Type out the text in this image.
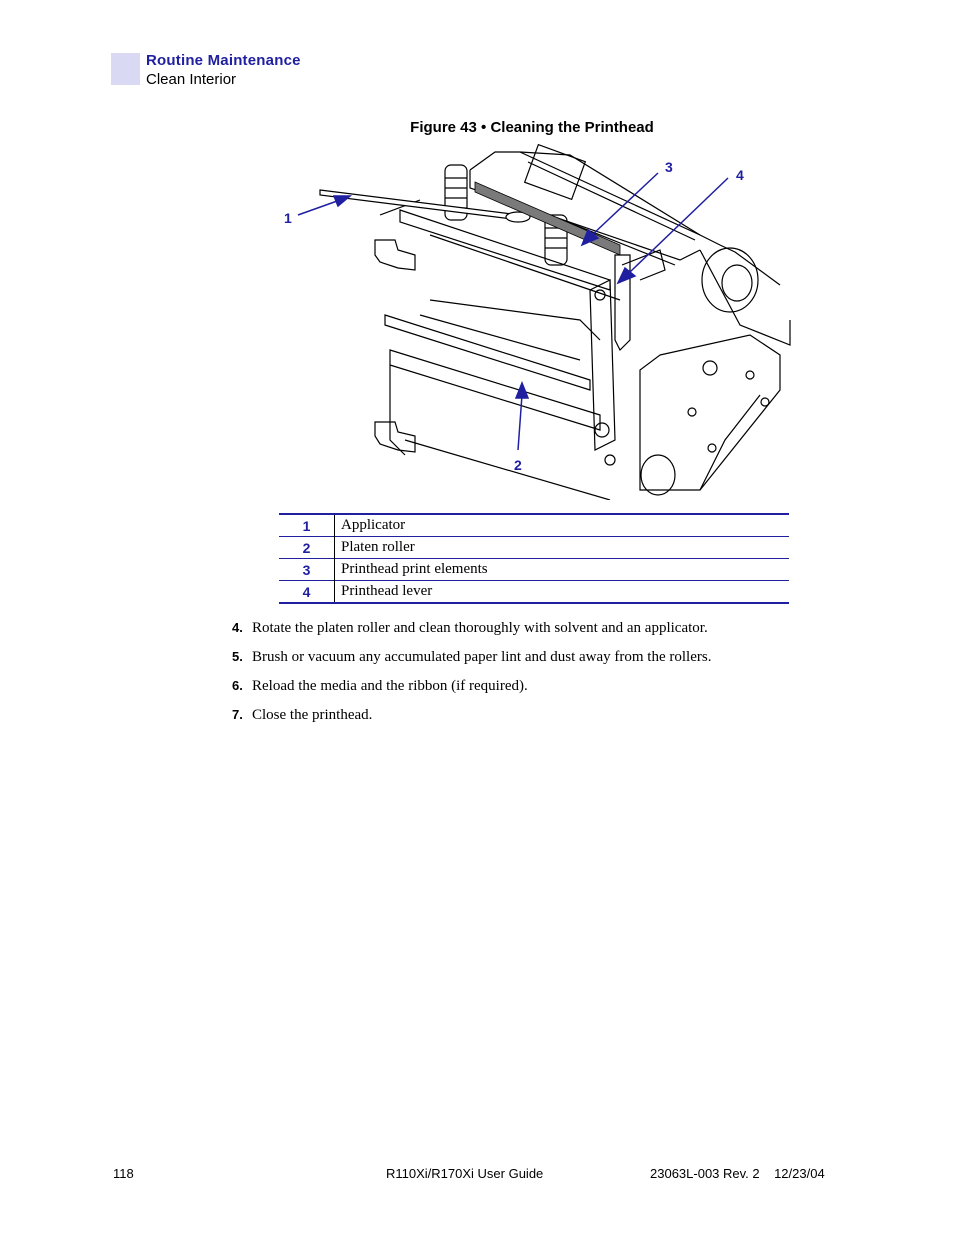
Routine Maintenance
Clean Interior
Figure 43 • Cleaning the Printhead
1
2
3	4
1	Applicator
2	Platen roller
3	Printhead print elements
4	Printhead lever
4. Rotate the platen roller and clean thoroughly with solvent and an applicator.
5. Brush or vacuum any accumulated paper lint and dust away from the rollers.
6. Reload the media and the ribbon (if required).
7. Close the printhead.
118	R110Xi/R170Xi User Guide	23063L-003 Rev. 2    12/23/04
